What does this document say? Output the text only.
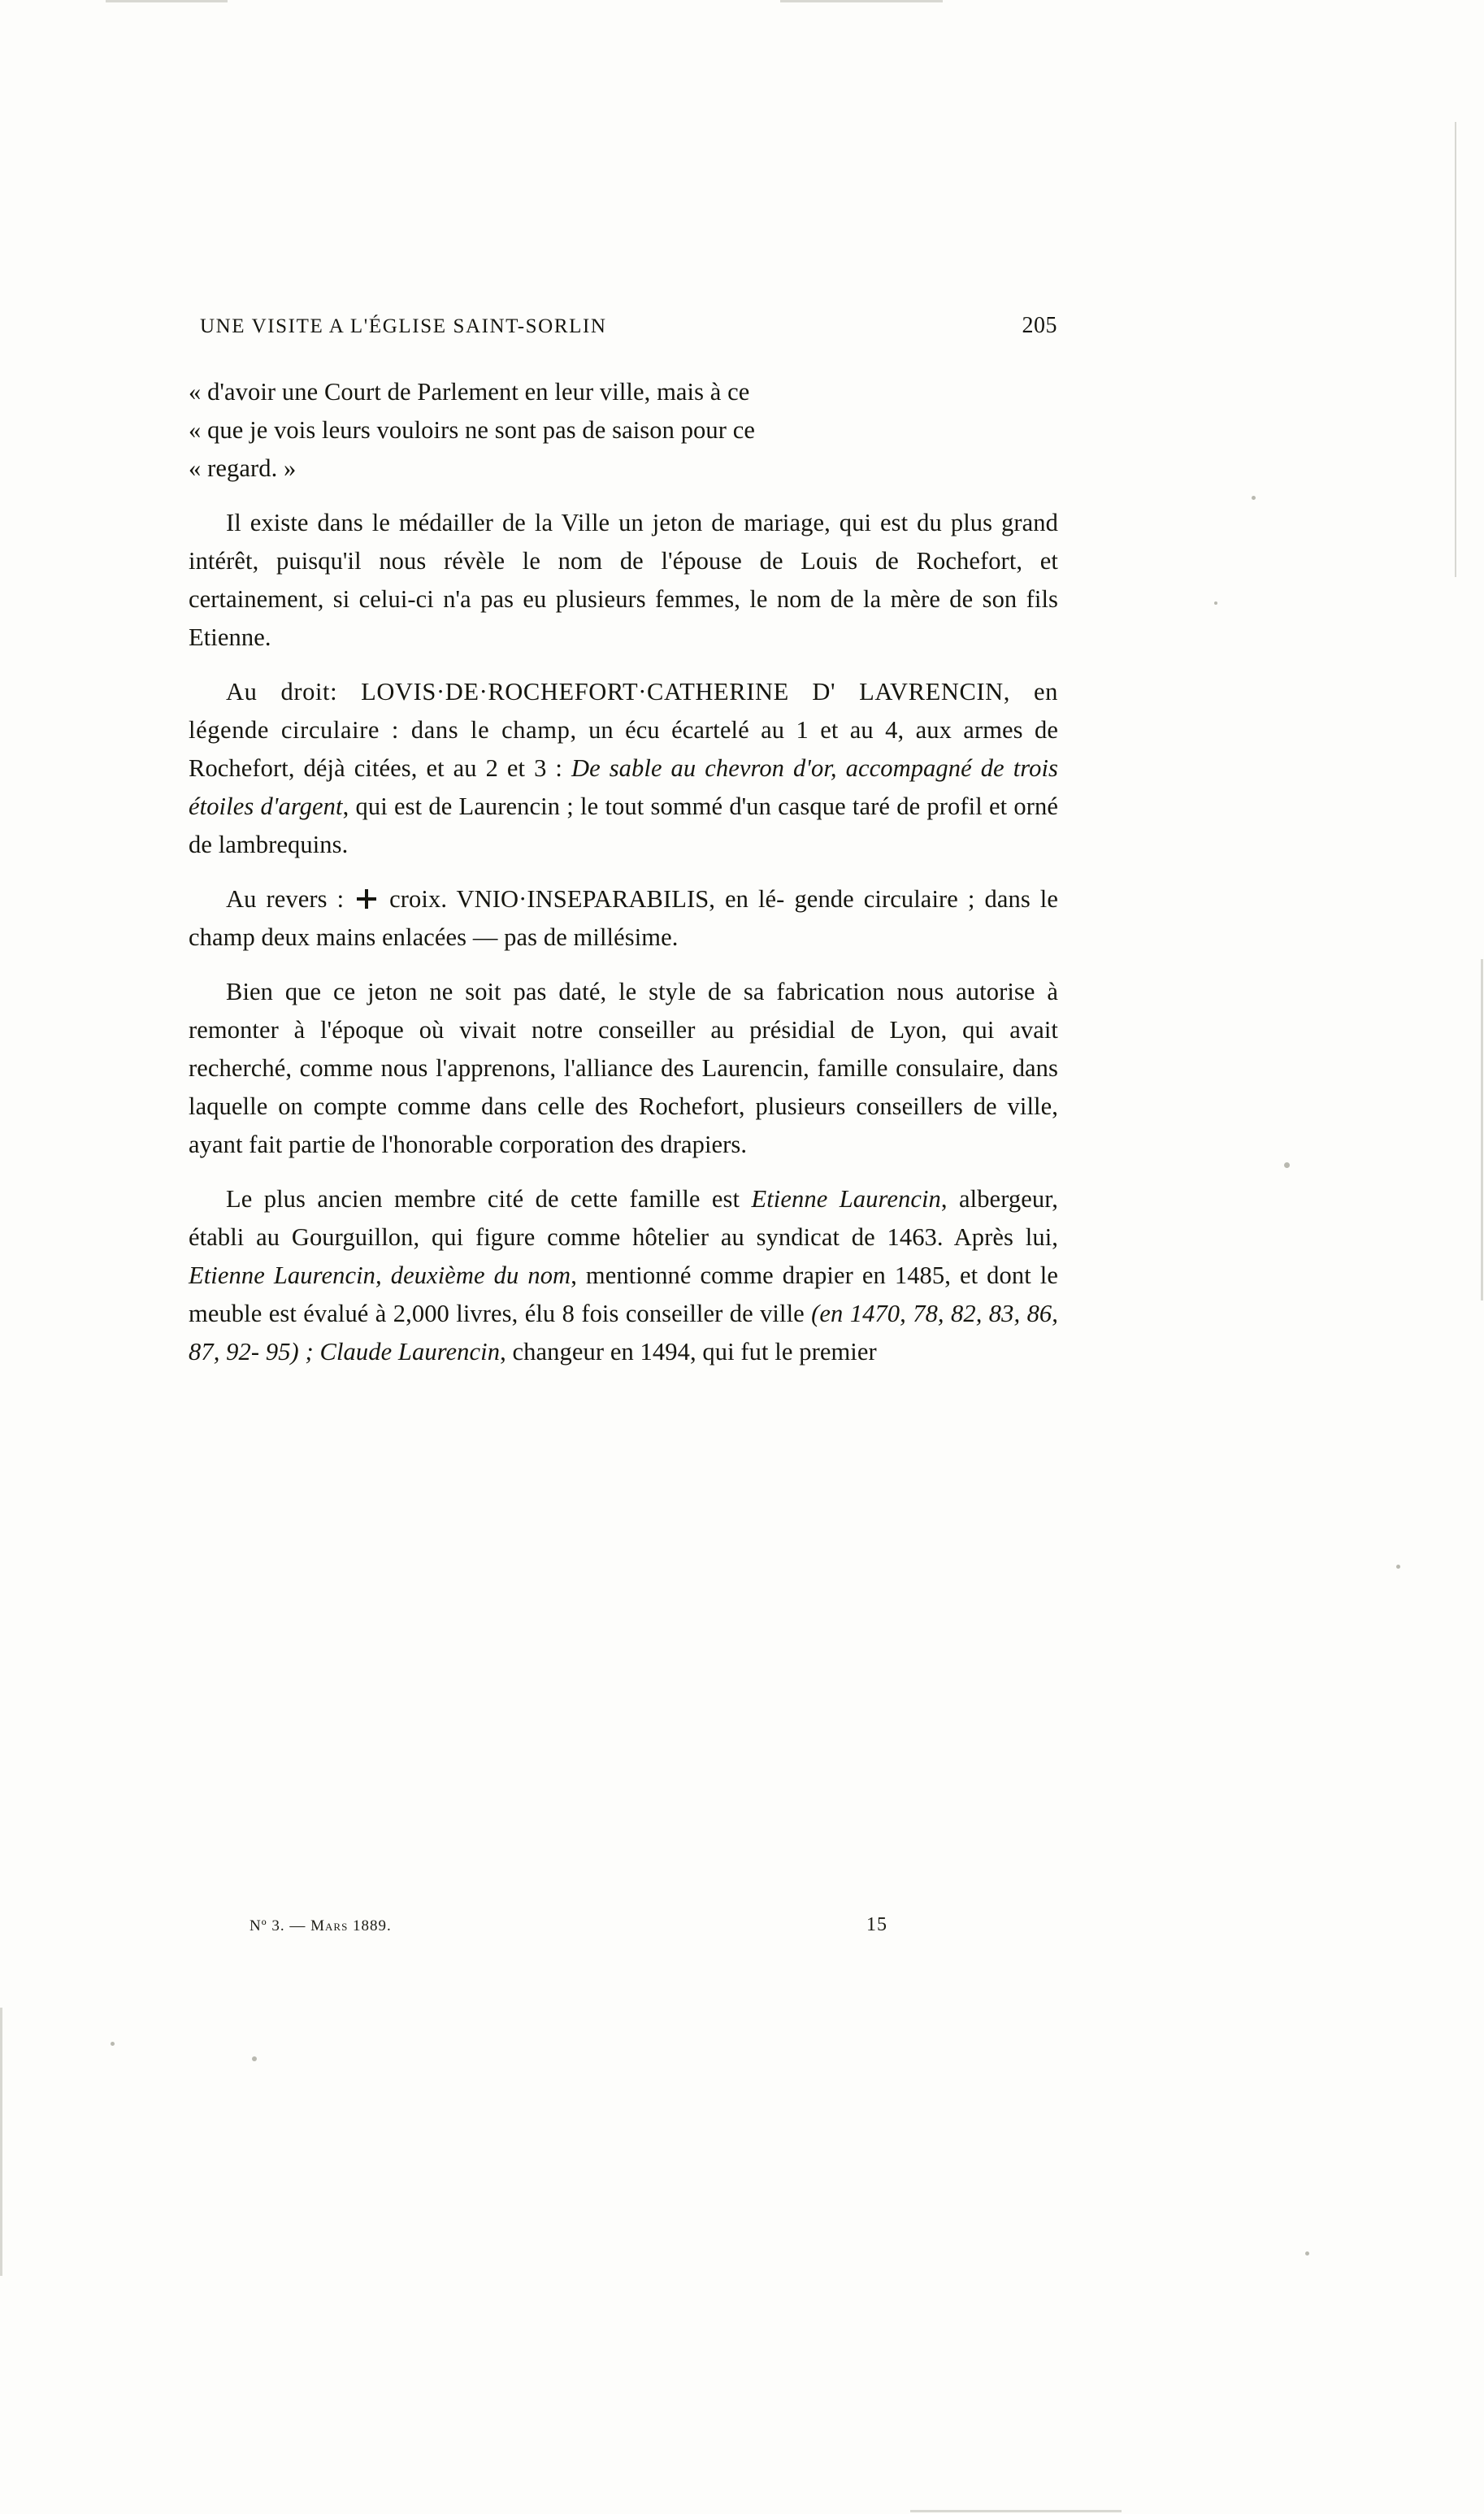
UNE VISITE A L'ÉGLISE SAINT-SORLIN	205

« d'avoir une Court de Parlement en leur ville, mais à ce

« que je vois leurs vouloirs ne sont pas de saison pour ce

« regard. »

Il existe dans le médailler de la Ville un jeton de mariage, qui est du plus grand intérêt, puisqu'il nous révèle le nom de l'épouse de Louis de Rochefort, et certainement, si celui-ci n'a pas eu plusieurs femmes, le nom de la mère de son fils Etienne.

Au droit: LOVIS·DE·ROCHEFORT·CATHERINE D' LAVRENCIN, en légende circulaire : dans le champ, un écu écartelé au 1 et au 4, aux armes de Rochefort, déjà citées, et au 2 et 3 : De sable au chevron d'or, accompagné de trois étoiles d'argent, qui est de Laurencin ; le tout sommé d'un casque taré de profil et orné de lambrequins.

Au revers :  croix. VNIO·INSEPARABILIS, en lé- gende circulaire ; dans le champ deux mains enlacées — pas de millésime.

Bien que ce jeton ne soit pas daté, le style de sa fabrication nous autorise à remonter à l'époque où vivait notre conseiller au présidial de Lyon, qui avait recherché, comme nous l'apprenons, l'alliance des Laurencin, famille consulaire, dans laquelle on compte comme dans celle des Rochefort, plusieurs conseillers de ville, ayant fait partie de l'honorable corporation des drapiers.

Le plus ancien membre cité de cette famille est Etienne Laurencin, albergeur, établi au Gourguillon, qui figure comme hôtelier au syndicat de 1463. Après lui, Etienne Laurencin, deuxième du nom, mentionné comme drapier en 1485, et dont le meuble est évalué à 2,000 livres, élu 8 fois conseiller de ville (en 1470, 78, 82, 83, 86, 87, 92- 95) ; Claude Laurencin, changeur en 1494, qui fut le premier

Nº 3. — Mars 1889.	15
